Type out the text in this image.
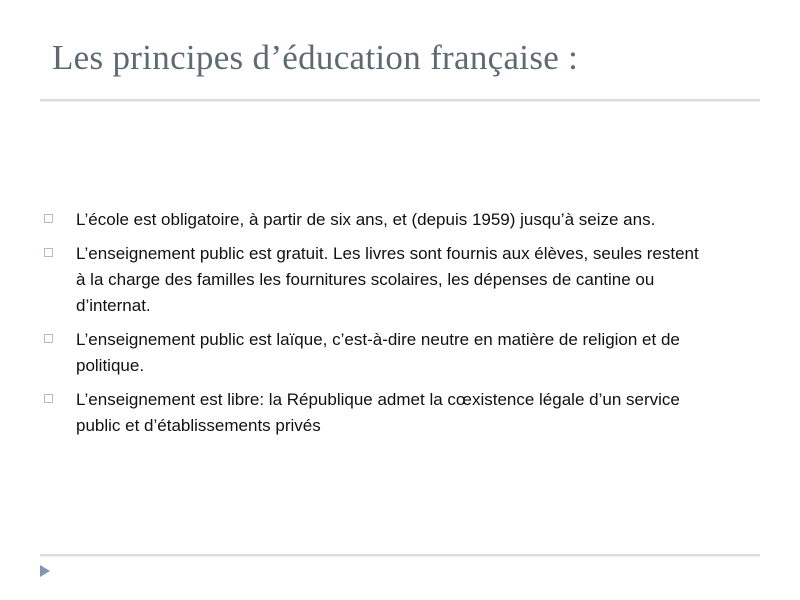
Les principes d’éducation française :
L’école est obligatoire, à partir de six ans, et (depuis 1959) jusqu’à seize ans.
L’enseignement public est gratuit. Les livres sont fournis aux élèves, seules restent à la charge des familles les fournitures scolaires, les dépenses de cantine ou d’internat.
L’enseignement public est laïque, c’est-à-dire neutre en matière de religion et de politique.
L’enseignement est libre: la République admet la cœxistence légale d’un service public et d’établissements privés
